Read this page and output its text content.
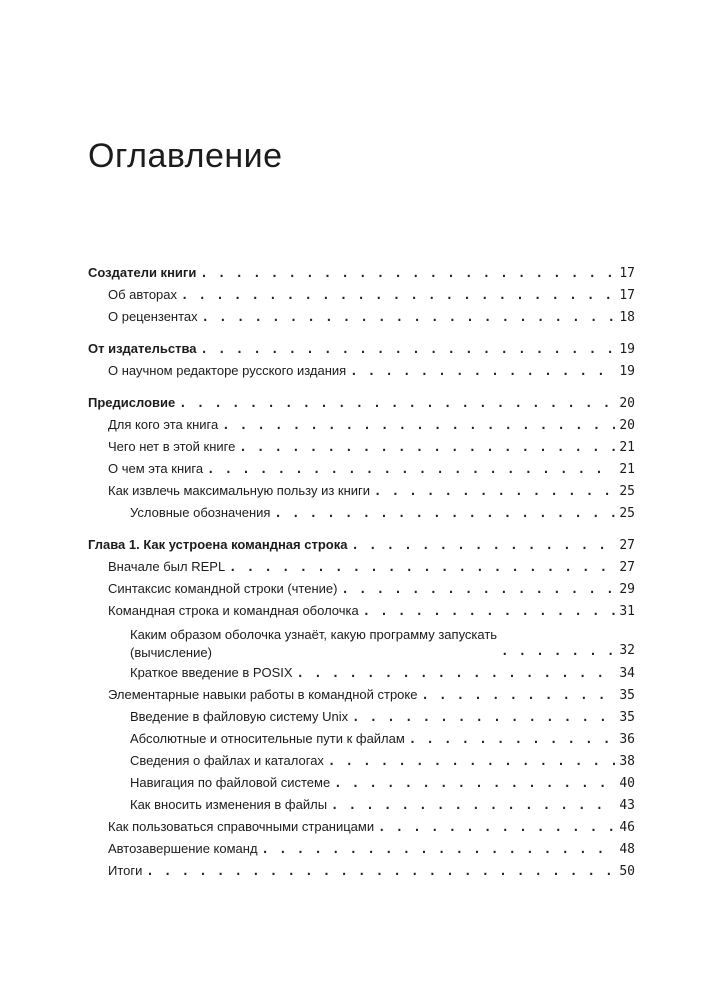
Оглавление
Создатели книги . . .	17
Об авторах . . .	17
О рецензентах . . .	18
От издательства . . .	19
О научном редакторе русского издания . . .	19
Предисловие . . .	20
Для кого эта книга . . .	20
Чего нет в этой книге . . .	21
О чем эта книга . . .	21
Как извлечь максимальную пользу из книги . . .	25
Условные обозначения . . .	25
Глава 1. Как устроена командная строка . . .	27
Вначале был REPL . . .	27
Синтаксис командной строки (чтение) . . .	29
Командная строка и командная оболочка . . .	31
Каким образом оболочка узнаёт, какую программу запускать
(вычисление) . . .	32
Краткое введение в POSIX . . .	34
Элементарные навыки работы в командной строке . . .	35
Введение в файловую систему Unix . . .	35
Абсолютные и относительные пути к файлам . . .	36
Сведения о файлах и каталогах . . .	38
Навигация по файловой системе . . .	40
Как вносить изменения в файлы . . .	43
Как пользоваться справочными страницами . . .	46
Автозавершение команд . . .	48
Итоги . . .	50
